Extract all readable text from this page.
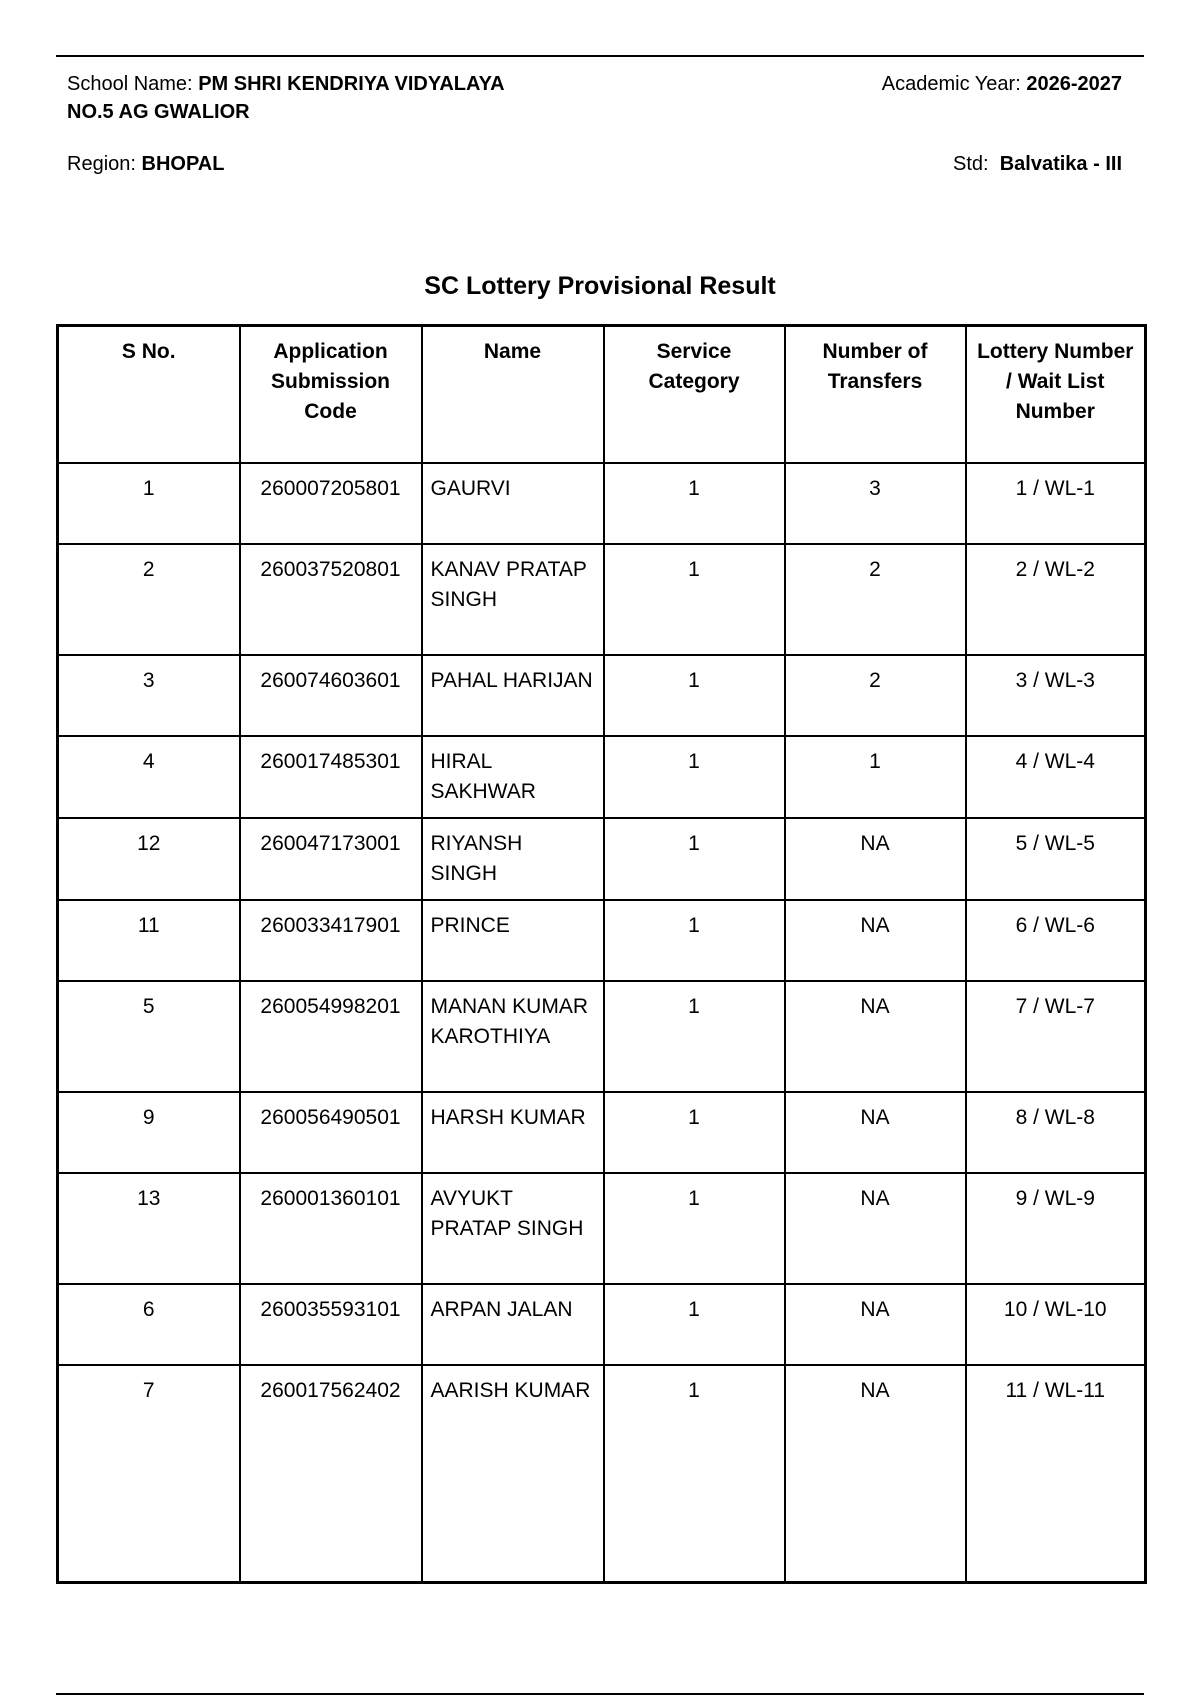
School Name: PM SHRI KENDRIYA VIDYALAYA NO.5 AG GWALIOR
Academic Year: 2026-2027
Region: BHOPAL	Std: Balvatika - III
SC Lottery Provisional Result
S No.	Application Submission Code	Name	Service Category	Number of Transfers	Lottery Number / Wait List Number
1	260007205801	GAURVI	1	3	1 / WL-1
2	260037520801	KANAV PRATAP SINGH	1	2	2 / WL-2
3	260074603601	PAHAL HARIJAN	1	2	3 / WL-3
4	260017485301	HIRAL SAKHWAR	1	1	4 / WL-4
12	260047173001	RIYANSH SINGH	1	NA	5 / WL-5
11	260033417901	PRINCE	1	NA	6 / WL-6
5	260054998201	MANAN KUMAR KAROTHIYA	1	NA	7 / WL-7
9	260056490501	HARSH KUMAR	1	NA	8 / WL-8
13	260001360101	AVYUKT PRATAP SINGH	1	NA	9 / WL-9
6	260035593101	ARPAN JALAN	1	NA	10 / WL-10
7	260017562402	AARISH KUMAR	1	NA	11 / WL-11
